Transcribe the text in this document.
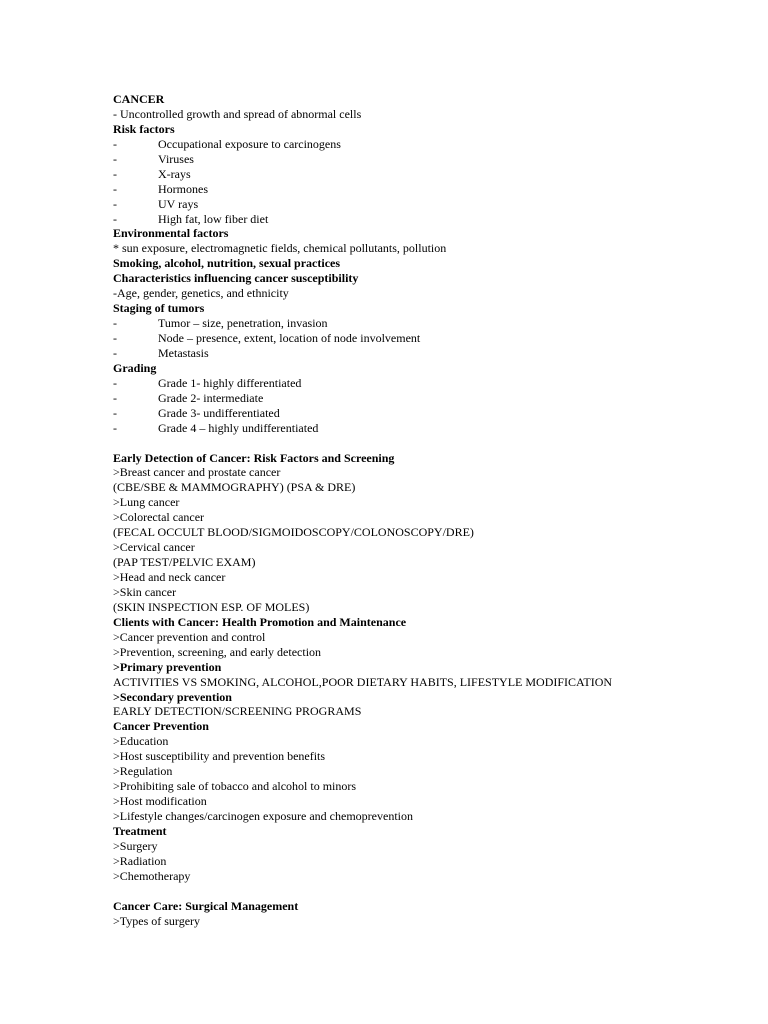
CANCER
- Uncontrolled growth and spread of abnormal cells
Risk factors
-	Occupational exposure to carcinogens
-	Viruses
-	X-rays
-	Hormones
-	UV rays
-	High fat, low fiber diet
Environmental factors
* sun exposure, electromagnetic fields, chemical pollutants, pollution
Smoking, alcohol, nutrition, sexual practices
Characteristics influencing cancer susceptibility
-Age, gender, genetics, and ethnicity
Staging of tumors
-	Tumor – size, penetration, invasion
-	Node – presence, extent, location of node involvement
-	Metastasis
Grading
-	Grade 1- highly differentiated
-	Grade 2- intermediate
-	Grade 3- undifferentiated
-	Grade 4 – highly undifferentiated
Early Detection of Cancer: Risk Factors and Screening
>Breast cancer and prostate cancer
(CBE/SBE & MAMMOGRAPHY) (PSA & DRE)
>Lung cancer
>Colorectal cancer
(FECAL OCCULT BLOOD/SIGMOIDOSCOPY/COLONOSCOPY/DRE)
>Cervical cancer
(PAP TEST/PELVIC EXAM)
>Head and neck cancer
>Skin cancer
(SKIN INSPECTION ESP. OF MOLES)
Clients with Cancer: Health Promotion and Maintenance
>Cancer prevention and control
>Prevention, screening, and early detection
>Primary prevention
ACTIVITIES VS SMOKING, ALCOHOL,POOR DIETARY HABITS, LIFESTYLE MODIFICATION
>Secondary prevention
EARLY DETECTION/SCREENING PROGRAMS
Cancer Prevention
>Education
>Host susceptibility and prevention benefits
>Regulation
>Prohibiting sale of tobacco and alcohol to minors
>Host modification
>Lifestyle changes/carcinogen exposure and chemoprevention
Treatment
>Surgery
>Radiation
>Chemotherapy
Cancer Care: Surgical Management
>Types of surgery
